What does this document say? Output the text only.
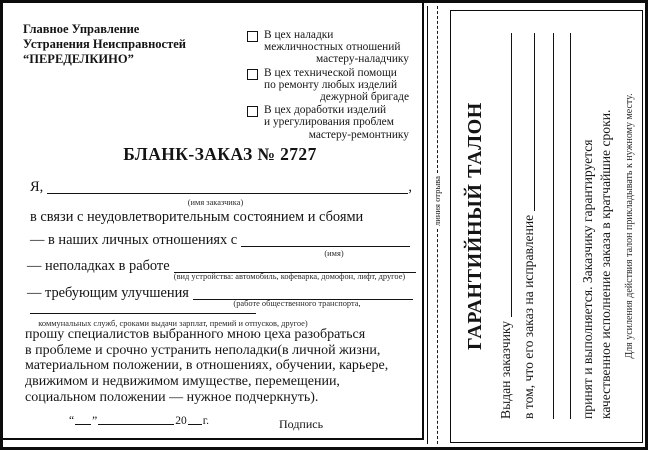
Главное Управление
Устранения Неисправностей
“ПЕРЕДЕЛКИНО”
В цех наладки
межличностных отношений
мастеру-наладчику
В цех технической помощи
по ремонту любых изделий
дежурной бригаде
В цех доработки изделий
и урегулирования проблем
мастеру-ремонтнику
БЛАНК-ЗАКАЗ № 2727
Я,	,
(имя заказчика)
в связи с неудовлетворительным состоянием и сбоями
— в наших личных отношениях с
(имя)
— неполадках в работе
(вид устройства: автомобиль, кофеварка, домофон, лифт, другое)
— требующим улучшения
(работе общественного транспорта,
коммунальных служб, сроками выдачи зарплат, премий и отпусков, другое)
прошу специалистов выбранного мною цеха разобраться
в проблеме и срочно устранить неполадки(в личной жизни,
материальном положении, в отношениях, обучении, карьере,
движимом и недвижимом имуществе, перемещении,
социальном положении — нужное подчеркнуть).
“ ”	20 г.	Подпись
линия отрыва ГАРАНТИЙНЫЙ ТАЛОН
Выдан заказчику в том, что его заказ на исправление	принят и выполняется. Заказчику гарантируется качественное исполнение заказа в кратчайшие сроки. Для усиления действия талон прикладывать к нужному месту.
